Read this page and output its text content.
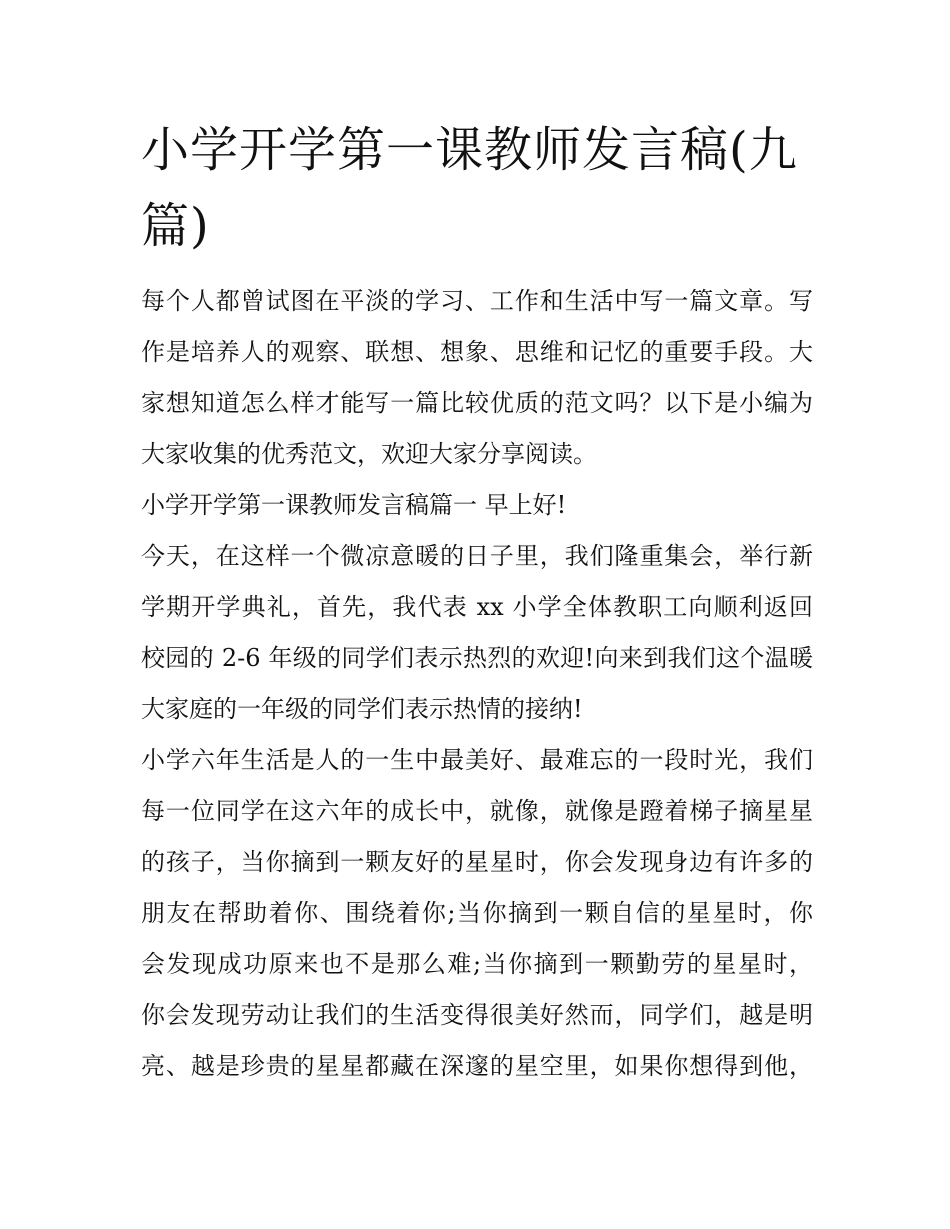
小学开学第一课教师发言稿(九篇)
每个人都曾试图在平淡的学习、工作和生活中写一篇文章。写
作是培养人的观察、联想、想象、思维和记忆的重要手段。大
家想知道怎么样才能写一篇比较优质的范文吗？以下是小编为
大家收集的优秀范文，欢迎大家分享阅读。
小学开学第一课教师发言稿篇一 早上好!
今天，在这样一个微凉意暖的日子里，我们隆重集会，举行新
学期开学典礼，首先，我代表 xx 小学全体教职工向顺利返回
校园的 2-6 年级的同学们表示热烈的欢迎!向来到我们这个温暖
大家庭的一年级的同学们表示热情的接纳!
小学六年生活是人的一生中最美好、最难忘的一段时光，我们
每一位同学在这六年的成长中，就像，就像是蹬着梯子摘星星
的孩子，当你摘到一颗友好的星星时，你会发现身边有许多的
朋友在帮助着你、围绕着你;当你摘到一颗自信的星星时，你
会发现成功原来也不是那么难;当你摘到一颗勤劳的星星时，
你会发现劳动让我们的生活变得很美好然而，同学们，越是明
亮、越是珍贵的星星都藏在深邃的星空里，如果你想得到他，
